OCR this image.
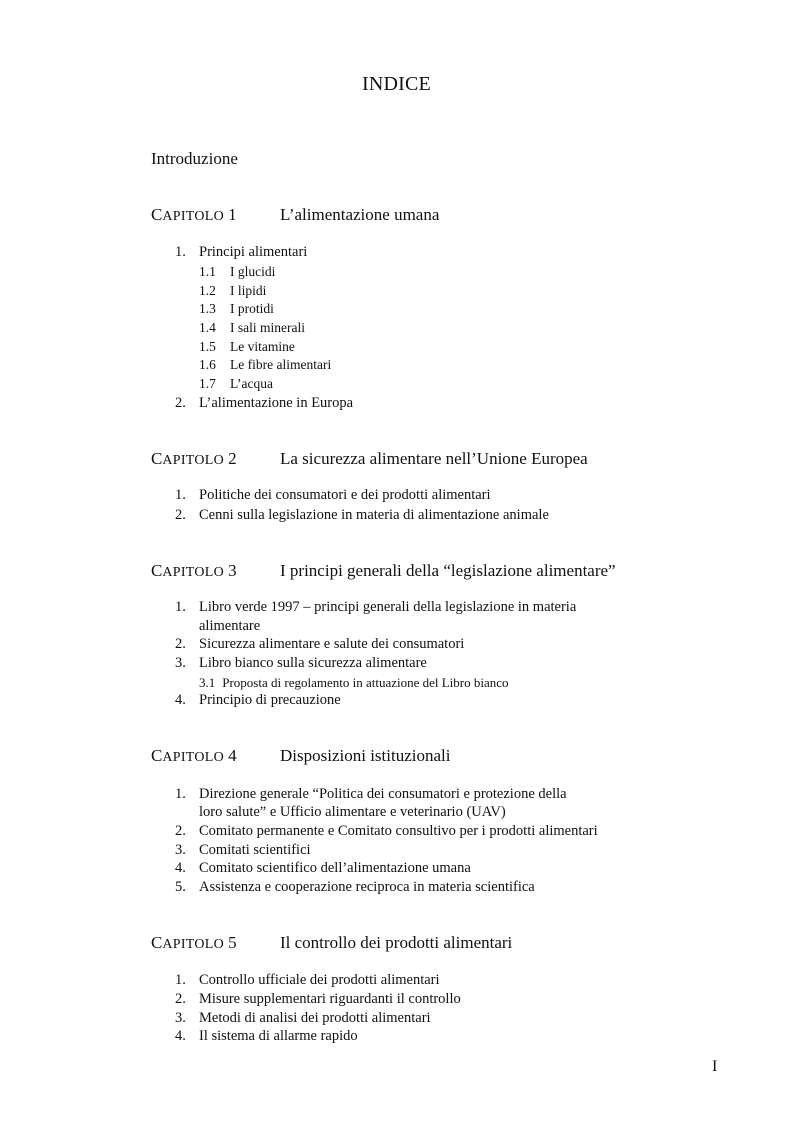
INDICE
Introduzione
CAPITOLO 1	L’alimentazione umana
1. Principi alimentari
1.1 I glucidi
1.2 I lipidi
1.3 I protidi
1.4 I sali minerali
1.5 Le vitamine
1.6 Le fibre alimentari
1.7 L’acqua
2. L’alimentazione in Europa
CAPITOLO 2	La sicurezza alimentare nell’Unione Europea
1. Politiche dei consumatori e dei prodotti alimentari
2. Cenni sulla legislazione in materia di alimentazione animale
CAPITOLO 3	I principi generali della “legislazione alimentare”
1. Libro verde 1997 – principi generali della legislazione in materia
alimentare
2. Sicurezza alimentare e salute dei consumatori
3. Libro bianco sulla sicurezza alimentare
3.1 Proposta di regolamento in attuazione del Libro bianco
4. Principio di precauzione
CAPITOLO 4	Disposizioni istituzionali
1. Direzione generale “Politica dei consumatori e protezione della
loro salute” e Ufficio alimentare e veterinario (UAV)
2. Comitato permanente e Comitato consultivo per i prodotti alimentari
3. Comitati scientifici
4. Comitato scientifico dell’alimentazione umana
5. Assistenza e cooperazione reciproca in materia scientifica
CAPITOLO 5	Il controllo dei prodotti alimentari
1. Controllo ufficiale dei prodotti alimentari
2. Misure supplementari riguardanti il controllo
3. Metodi di analisi dei prodotti alimentari
4. Il sistema di allarme rapido
I
